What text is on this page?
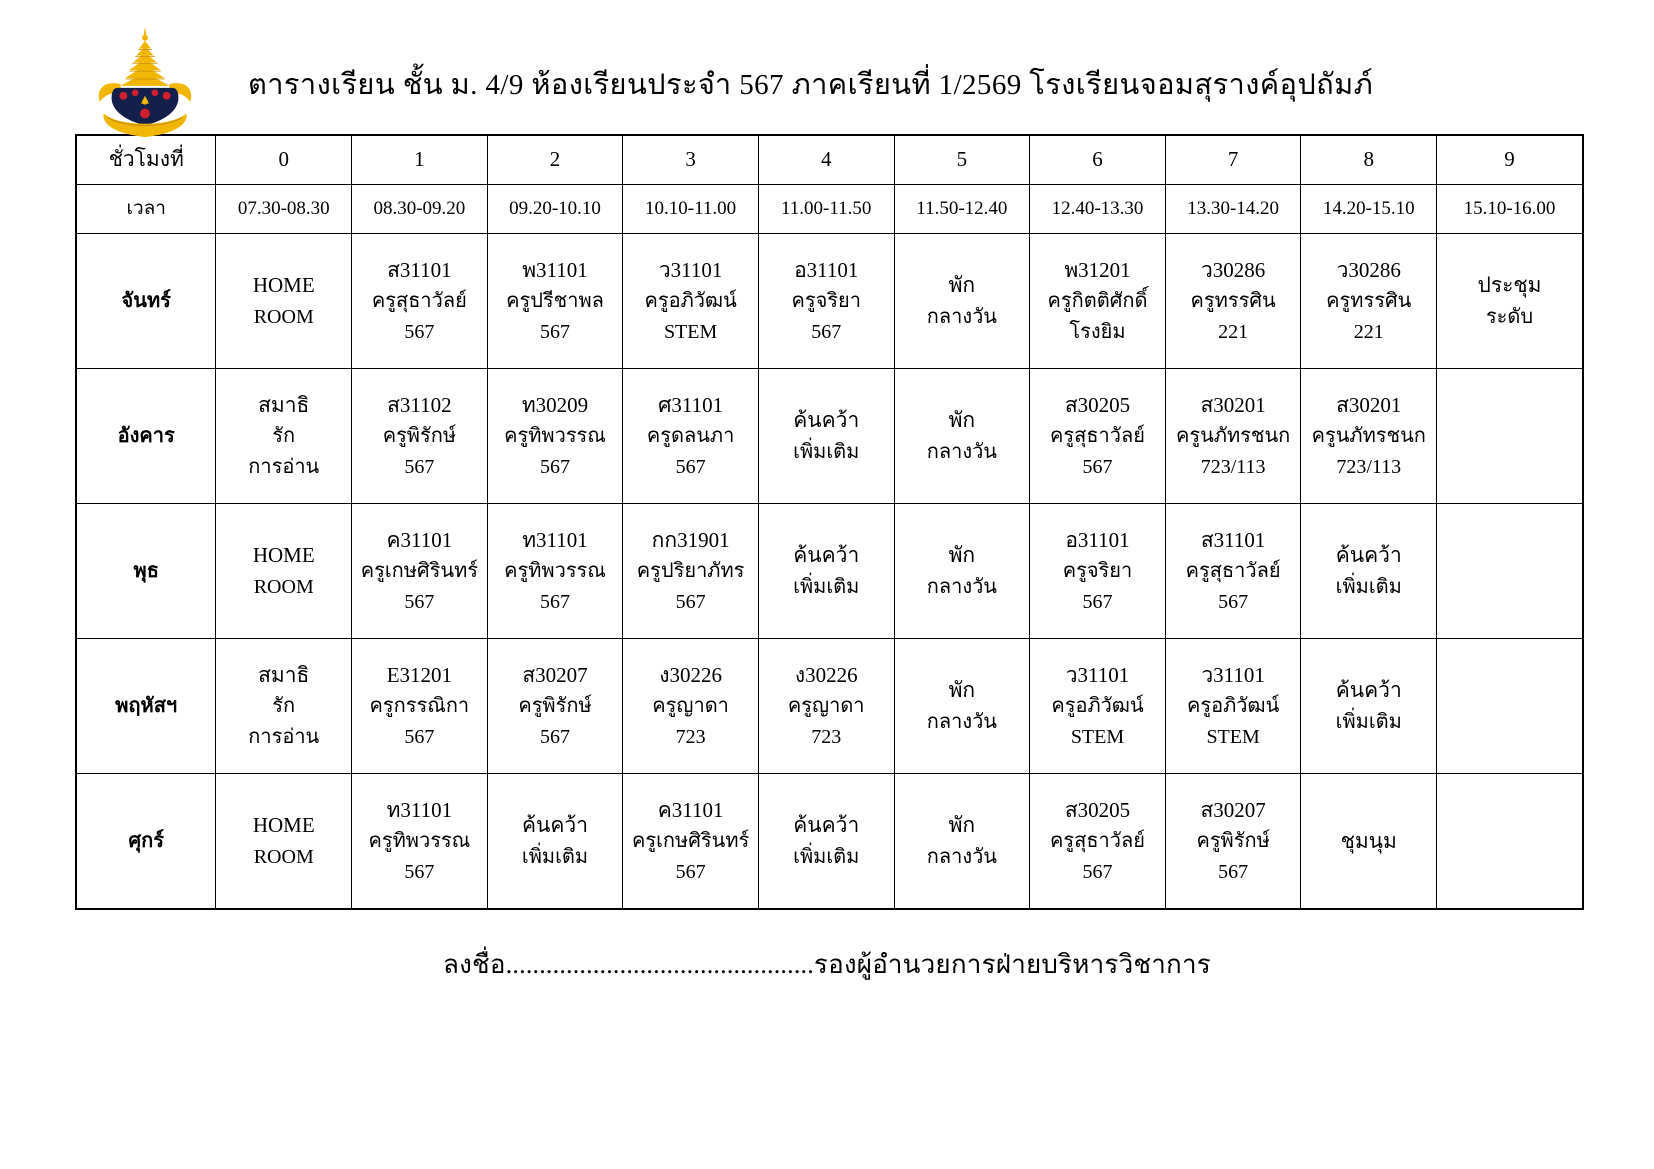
ตารางเรียน ชั้น ม. 4/9 ห้องเรียนประจำ 567 ภาคเรียนที่ 1/2569 โรงเรียนจอมสุรางค์อุปถัมภ์
ชั่วโมงที่	0	1	2	3	4	5	6	7	8	9
เวลา	07.30-08.30	08.30-09.20	09.20-10.10	10.10-11.00	11.00-11.50	11.50-12.40	12.40-13.30	13.30-14.20	14.20-15.10	15.10-16.00
จันทร์	HOME
ROOM	ส31101
ครูสุธาวัลย์
567	พ31101
ครูปรีชาพล
567	ว31101
ครูอภิวัฒน์
STEM	อ31101
ครูจริยา
567	พัก
กลางวัน	พ31201
ครูกิตติศักดิ์
โรงยิม	ว30286
ครูทรรศิน
221	ว30286
ครูทรรศิน
221	ประชุม
ระดับ

อังคาร	สมาธิ
รัก
การอ่าน	ส31102
ครูพิรักษ์
567	ท30209
ครูทิพวรรณ
567	ศ31101
ครูดลนภา
567	ค้นคว้า
เพิ่มเติม	พัก
กลางวัน	ส30205
ครูสุธาวัลย์
567	ส30201
ครูนภัทรชนก
723/113	ส30201
ครูนภัทรชนก
723/113	

พุธ	HOME
ROOM	ค31101
ครูเกษศิรินทร์
567	ท31101
ครูทิพวรรณ
567	กก31901
ครูปริยาภัทร
567	ค้นคว้า
เพิ่มเติม	พัก
กลางวัน	อ31101
ครูจริยา
567	ส31101
ครูสุธาวัลย์
567	ค้นคว้า
เพิ่มเติม	

พฤหัสฯ	สมาธิ
รัก
การอ่าน	E31201
ครูกรรณิกา
567	ส30207
ครูพิรักษ์
567	ง30226
ครูญาดา
723	ง30226
ครูญาดา
723	พัก
กลางวัน	ว31101
ครูอภิวัฒน์
STEM	ว31101
ครูอภิวัฒน์
STEM	ค้นคว้า
เพิ่มเติม	

ศุกร์	HOME
ROOM	ท31101
ครูทิพวรรณ
567	ค้นคว้า
เพิ่มเติม	ค31101
ครูเกษศิรินทร์
567	ค้นคว้า
เพิ่มเติม	พัก
กลางวัน	ส30205
ครูสุธาวัลย์
567	ส30207
ครูพิรักษ์
567	ชุมนุม	

ลงชื่อ..............................................รองผู้อำนวยการฝ่ายบริหารวิชาการ
